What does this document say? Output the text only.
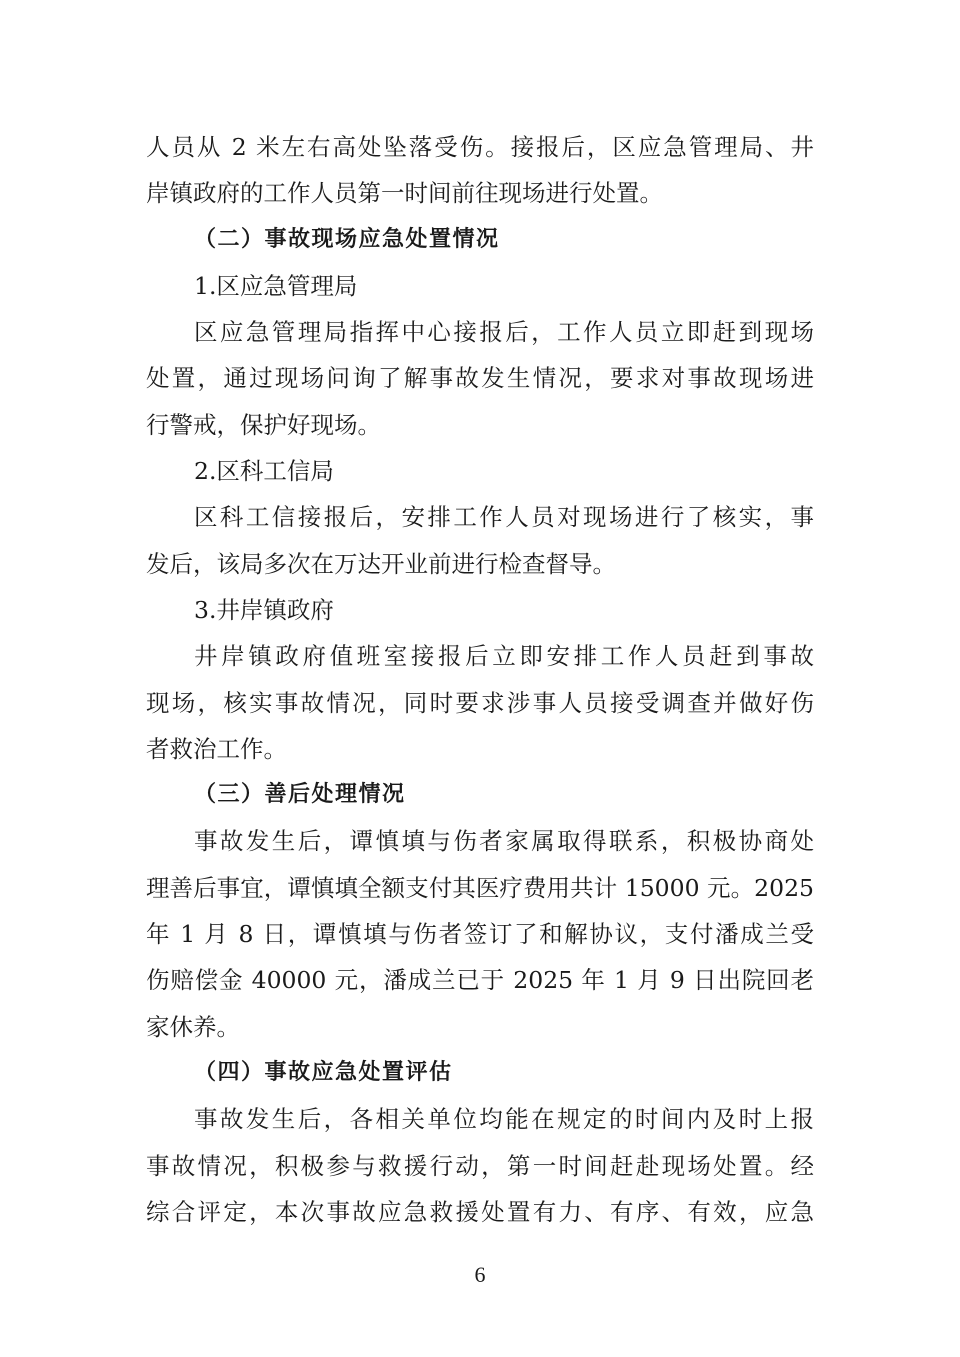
人员从 2 米左右高处坠落受伤。接报后，区应急管理局、井
岸镇政府的工作人员第一时间前往现场进行处置。
（二）事故现场应急处置情况
1.区应急管理局
区应急管理局指挥中心接报后，工作人员立即赶到现场
处置，通过现场问询了解事故发生情况，要求对事故现场进
行警戒，保护好现场。
2.区科工信局
区科工信接报后，安排工作人员对现场进行了核实，事
发后，该局多次在万达开业前进行检查督导。
3.井岸镇政府
井岸镇政府值班室接报后立即安排工作人员赶到事故
现场，核实事故情况，同时要求涉事人员接受调查并做好伤
者救治工作。
（三）善后处理情况
事故发生后，谭慎填与伤者家属取得联系，积极协商处
理善后事宜，谭慎填全额支付其医疗费用共计 15000 元。2025
年 1 月 8 日，谭慎填与伤者签订了和解协议，支付潘成兰受
伤赔偿金 40000 元，潘成兰已于 2025 年 1 月 9 日出院回老
家休养。
（四）事故应急处置评估
事故发生后，各相关单位均能在规定的时间内及时上报
事故情况，积极参与救援行动，第一时间赶赴现场处置。经
综合评定，本次事故应急救援处置有力、有序、有效，应急
6
